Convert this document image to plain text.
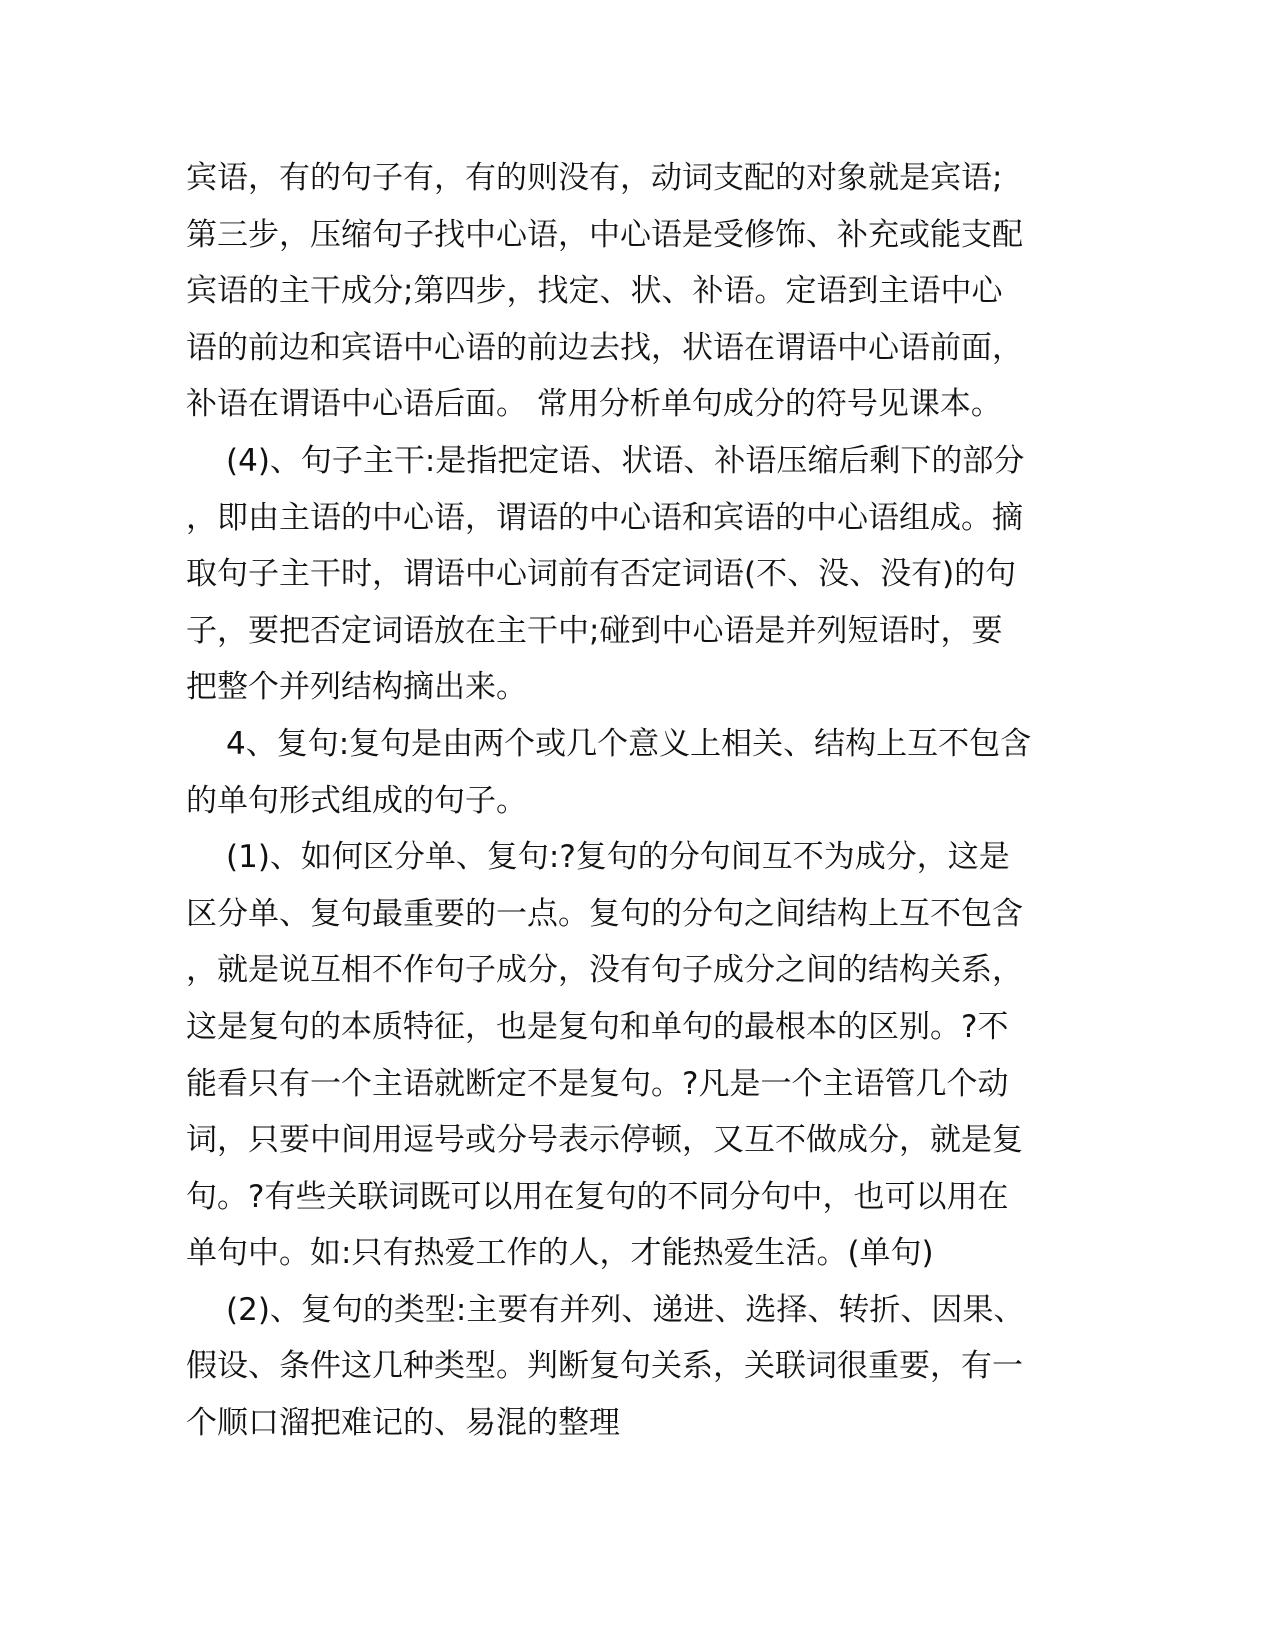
宾语，有的句子有，有的则没有，动词支配的对象就是宾语;
第三步，压缩句子找中心语，中心语是受修饰、补充或能支配
宾语的主干成分;第四步，找定、状、补语。定语到主语中心
语的前边和宾语中心语的前边去找，状语在谓语中心语前面，
补语在谓语中心语后面。 常用分析单句成分的符号见课本。
(4)、句子主干:是指把定语、状语、补语压缩后剩下的部分
，即由主语的中心语，谓语的中心语和宾语的中心语组成。摘
取句子主干时，谓语中心词前有否定词语(不、没、没有)的句
子，要把否定词语放在主干中;碰到中心语是并列短语时，要
把整个并列结构摘出来。
4、复句:复句是由两个或几个意义上相关、结构上互不包含
的单句形式组成的句子。
(1)、如何区分单、复句:?复句的分句间互不为成分，这是
区分单、复句最重要的一点。复句的分句之间结构上互不包含
，就是说互相不作句子成分，没有句子成分之间的结构关系，
这是复句的本质特征，也是复句和单句的最根本的区别。?不
能看只有一个主语就断定不是复句。?凡是一个主语管几个动
词，只要中间用逗号或分号表示停顿，又互不做成分，就是复
句。?有些关联词既可以用在复句的不同分句中，也可以用在
单句中。如:只有热爱工作的人，才能热爱生活。(单句)
(2)、复句的类型:主要有并列、递进、选择、转折、因果、
假设、条件这几种类型。判断复句关系，关联词很重要，有一
个顺口溜把难记的、易混的整理
